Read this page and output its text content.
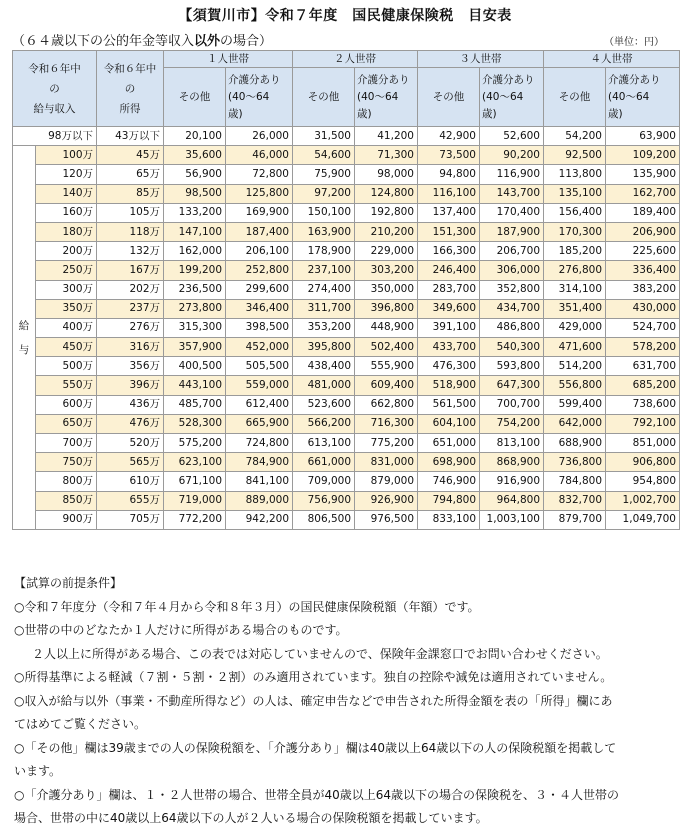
【須賀川市】令和７年度　国民健康保険税　目安表
（６４歳以下の公的年金等収入以外の場合）	（単位：円）
令和６年中
の
給与収入		令和６年中
の
所得	１人世帯		２人世帯		３人世帯		４人世帯	
			その他	介護分あり
(40～64
歳)	その他	介護分あり
(40～64
歳)	その他	介護分あり
(40～64
歳)	その他	介護分あり
(40～64
歳)
98万以下		43万以下	20,100	26,000	31,500	41,200	42,900	52,600	54,200	63,900
給
与	100万	45万	35,600	46,000	54,600	71,300	73,500	90,200	92,500	109,200
	120万	65万	56,900	72,800	75,900	98,000	94,800	116,900	113,800	135,900
	140万	85万	98,500	125,800	97,200	124,800	116,100	143,700	135,100	162,700
	160万	105万	133,200	169,900	150,100	192,800	137,400	170,400	156,400	189,400
	180万	118万	147,100	187,400	163,900	210,200	151,300	187,900	170,300	206,900
	200万	132万	162,000	206,100	178,900	229,000	166,300	206,700	185,200	225,600
	250万	167万	199,200	252,800	237,100	303,200	246,400	306,000	276,800	336,400
	300万	202万	236,500	299,600	274,400	350,000	283,700	352,800	314,100	383,200
	350万	237万	273,800	346,400	311,700	396,800	349,600	434,700	351,400	430,000
	400万	276万	315,300	398,500	353,200	448,900	391,100	486,800	429,000	524,700
	450万	316万	357,900	452,000	395,800	502,400	433,700	540,300	471,600	578,200
	500万	356万	400,500	505,500	438,400	555,900	476,300	593,800	514,200	631,700
	550万	396万	443,100	559,000	481,000	609,400	518,900	647,300	556,800	685,200
	600万	436万	485,700	612,400	523,600	662,800	561,500	700,700	599,400	738,600
	650万	476万	528,300	665,900	566,200	716,300	604,100	754,200	642,000	792,100
	700万	520万	575,200	724,800	613,100	775,200	651,000	813,100	688,900	851,000
	750万	565万	623,100	784,900	661,000	831,000	698,900	868,900	736,800	906,800
	800万	610万	671,100	841,100	709,000	879,000	746,900	916,900	784,800	954,800
	850万	655万	719,000	889,000	756,900	926,900	794,800	964,800	832,700	1,002,700
	900万	705万	772,200	942,200	806,500	976,500	833,100	1,003,100	879,700	1,049,700

【試算の前提条件】

○令和７年度分（令和７年４月から令和８年３月）の国民健康保険税額（年額）です。

○世帯の中のどなたか１人だけに所得がある場合のものです。

２人以上に所得がある場合、この表では対応していませんので、保険年金課窓口でお問い合わせください。

○所得基準による軽減（７割・５割・２割）のみ適用されています。独自の控除や減免は適用されていません。

○収入が給与以外（事業・不動産所得など）の人は、確定申告などで申告された所得金額を表の「所得」欄にあ

てはめてご覧ください。

○「その他」欄は39歳までの人の保険税額を、「介護分あり」欄は40歳以上64歳以下の人の保険税額を掲載して

います。

○「介護分あり」欄は、１・２人世帯の場合、世帯全員が40歳以上64歳以下の場合の保険税を、３・４人世帯の

場合、世帯の中に40歳以上64歳以下の人が２人いる場合の保険税額を掲載しています。
